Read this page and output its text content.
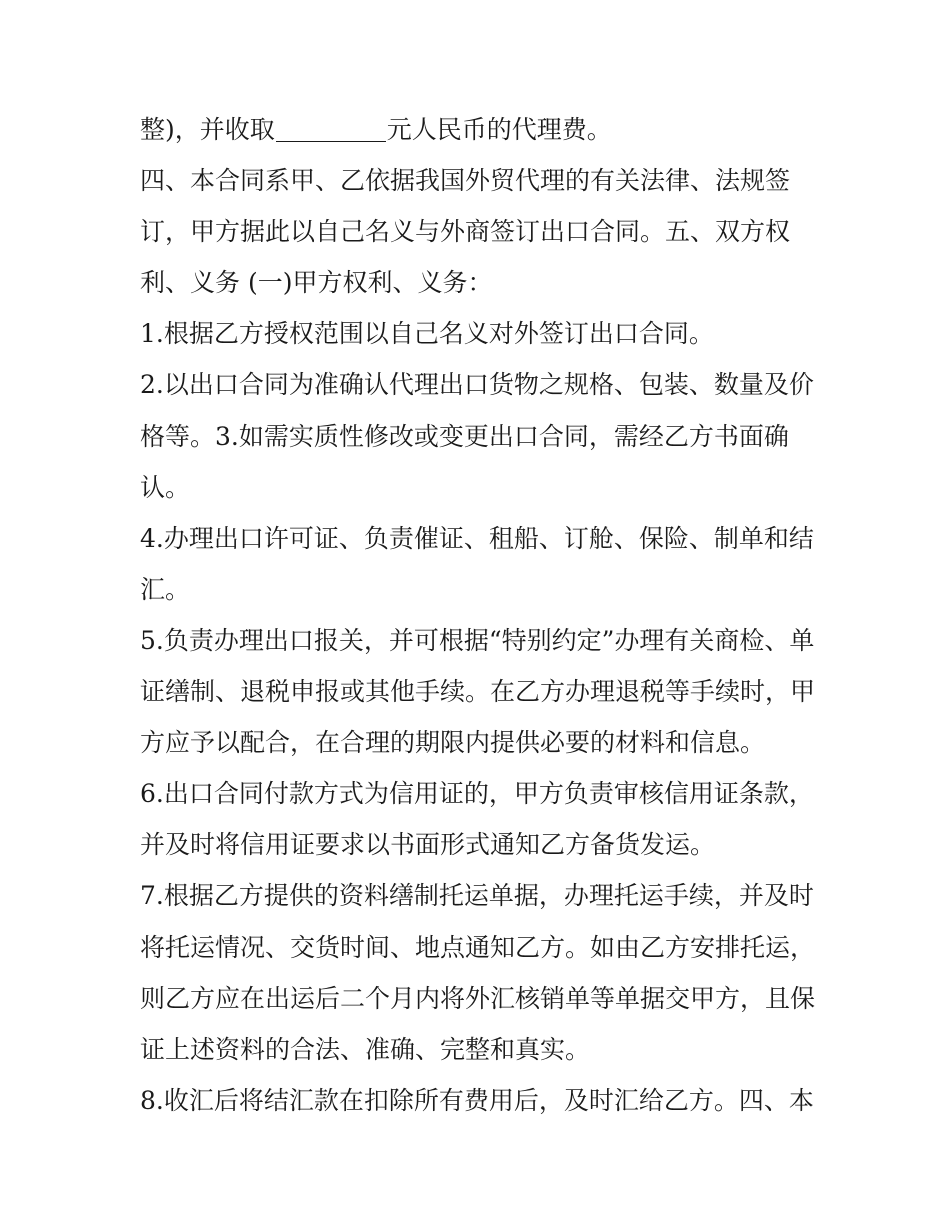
整)，并收取	元人民币的代理费。
四、本合同系甲、乙依据我国外贸代理的有关法律、法规签
订，甲方据此以自己名义与外商签订出口合同。五、双方权
利、义务 (一)甲方权利、义务：
1.根据乙方授权范围以自己名义对外签订出口合同。
2.以出口合同为准确认代理出口货物之规格、包装、数量及价
格等。3.如需实质性修改或变更出口合同，需经乙方书面确
认。
4.办理出口许可证、负责催证、租船、订舱、保险、制单和结
汇。
5.负责办理出口报关，并可根据“特别约定”办理有关商检、单
证缮制、退税申报或其他手续。在乙方办理退税等手续时，甲
方应予以配合，在合理的期限内提供必要的材料和信息。
6.出口合同付款方式为信用证的，甲方负责审核信用证条款，
并及时将信用证要求以书面形式通知乙方备货发运。
7.根据乙方提供的资料缮制托运单据，办理托运手续，并及时
将托运情况、交货时间、地点通知乙方。如由乙方安排托运，
则乙方应在出运后二个月内将外汇核销单等单据交甲方，且保
证上述资料的合法、准确、完整和真实。
8.收汇后将结汇款在扣除所有费用后，及时汇给乙方。四、本
